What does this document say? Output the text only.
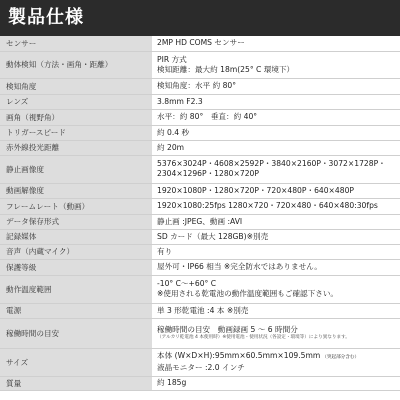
製品仕様
センサー	2MP HD COMS センサー

動体検知（方法・画角・距離）	PIR 方式
検知距離：最大約 18m(25° C 環境下）

検知角度	検知角度：水平 約 80°

レンズ	3.8mm F2.3

画角（視野角）	水平：約 80°　垂直：約 40°

トリガースピード	約 0.4 秒

赤外線投光距離	約 20m

静止画像度	5376×3024P・4608×2592P・3840×2160P・3072×1728P・
2304×1296P・1280×720P

動画解像度	1920×1080P・1280×720P・720×480P・640×480P

フレームレート（動画）	1920×1080:25fps 1280×720・720×480・640×480:30fps

データ保存形式	静止画 :JPEG、動画 :AVI

記録媒体	SD カード（最大 128GB)※別売

音声（内蔵マイク）	有り

保護等級	屋外可・IP66 相当 ※完全防水ではありません。

動作温度範囲	-10° C〜+60° C
※使用される乾電池の動作温度範囲もご確認下さい。

電源	単 3 形乾電池 :4 本 ※別売

稼働時間の目安	稼働時間の目安　動画録画 5 〜 6 時間分
（アルカリ乾電池 4 本使用時）※使用電池・使用状況（各設定・環境等）により異なります。

サイズ	本体 (W×D×H):95mm×60.5mm×109.5mm （突起部分含む）

液晶モニター :2.0 インチ

質量	約 185g
